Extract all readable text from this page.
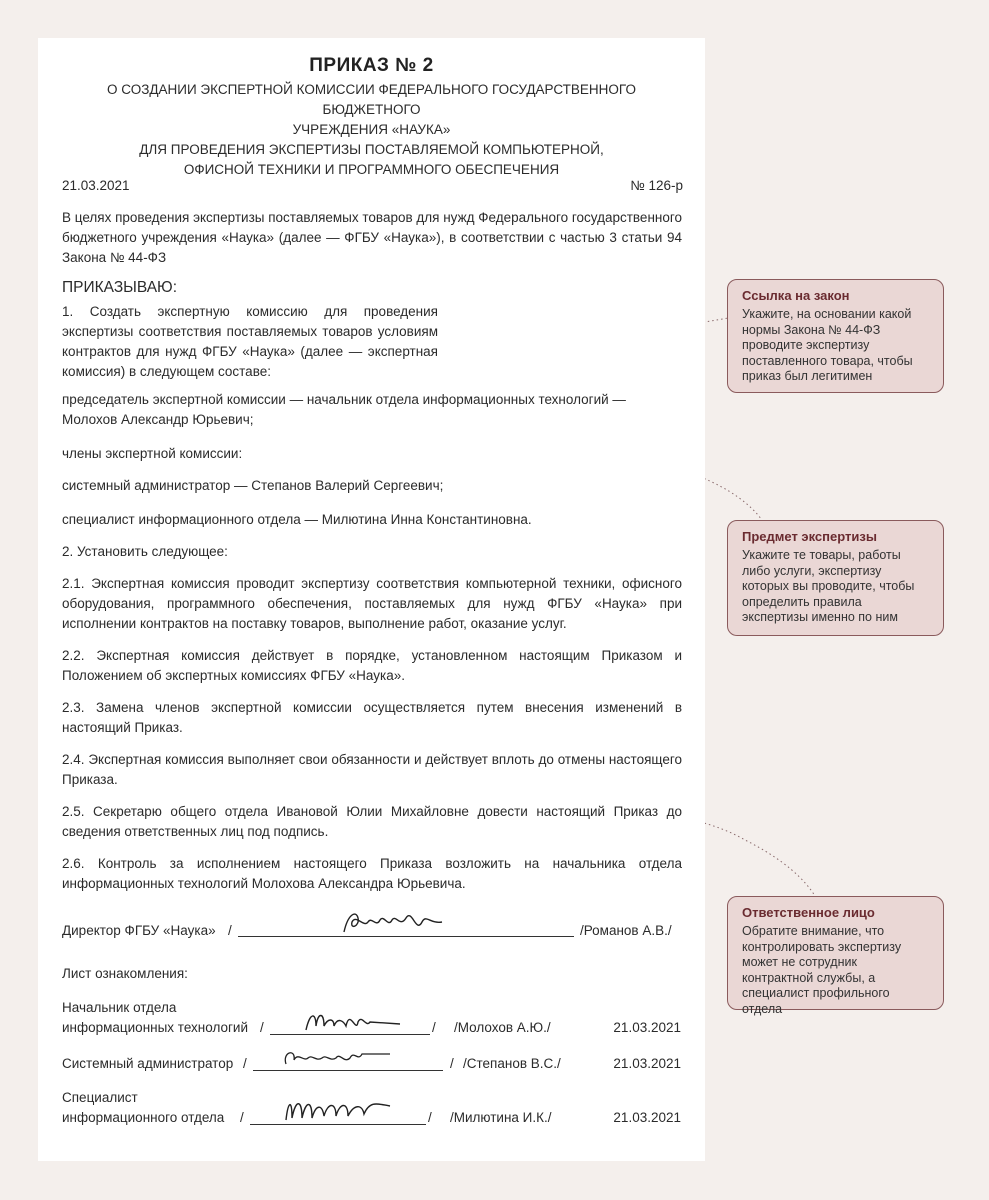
ПРИКАЗ № 2
О СОЗДАНИИ ЭКСПЕРТНОЙ КОМИССИИ ФЕДЕРАЛЬНОГО ГОСУДАРСТВЕННОГО БЮДЖЕТНОГО
УЧРЕЖДЕНИЯ «НАУКА»
ДЛЯ ПРОВЕДЕНИЯ ЭКСПЕРТИЗЫ ПОСТАВЛЯЕМОЙ КОМПЬЮТЕРНОЙ,
ОФИСНОЙ ТЕХНИКИ И ПРОГРАММНОГО ОБЕСПЕЧЕНИЯ
21.03.2021	№ 126-р
В целях проведения экспертизы поставляемых товаров для нужд Федерального государственного бюджетного учреждения «Наука» (далее — ФГБУ «Наука»), в соответствии с частью 3 статьи 94 Закона № 44-ФЗ
ПРИКАЗЫВАЮ:
1. Создать экспертную комиссию для проведения экспертизы соответствия поставляемых товаров условиям контрактов для нужд ФГБУ «Наука» (далее — экспертная комиссия) в следующем составе:
председатель экспертной комиссии — начальник отдела информационных технологий — Молохов Александр Юрьевич;
члены экспертной комиссии:
системный администратор — Степанов Валерий Сергеевич;
специалист информационного отдела — Милютина Инна Константиновна.
2. Установить следующее:
2.1. Экспертная комиссия проводит экспертизу соответствия компьютерной техники, офисного оборудования, программного обеспечения, поставляемых для нужд ФГБУ «Наука» при исполнении контрактов на поставку товаров, выполнение работ, оказание услуг.
2.2. Экспертная комиссия действует в порядке, установленном настоящим Приказом и Положением об экспертных комиссиях ФГБУ «Наука».
2.3. Замена членов экспертной комиссии осуществляется путем внесения изменений в настоящий Приказ.
2.4. Экспертная комиссия выполняет свои обязанности и действует вплоть до отмены настоящего Приказа.
2.5. Секретарю общего отдела Ивановой Юлии Михайловне довести настоящий Приказ до сведения ответственных лиц под подпись.
2.6. Контроль за исполнением настоящего Приказа возложить на начальника отдела информационных технологий Молохова Александра Юрьевича.
Директор ФГБУ «Наука» /	/Романов А.В./
Лист ознакомления:
Начальник отдела
информационных технологий /	/ /Молохов А.Ю./	21.03.2021
Системный администратор /	/ /Степанов В.С./	21.03.2021
Специалист
информационного отдела /	/ /Милютина И.К./	21.03.2021
Ссылка на закон
Укажите, на основании какой нормы Закона № 44-ФЗ проводите экспертизу поставленного товара, чтобы приказ был легитимен
Предмет экспертизы
Укажите те товары, работы либо услуги, экспертизу которых вы проводите, чтобы определить правила экспертизы именно по ним
Ответственное лицо
Обратите внимание, что контролировать экспертизу может не сотрудник контрактной службы, а специалист профильного отдела
